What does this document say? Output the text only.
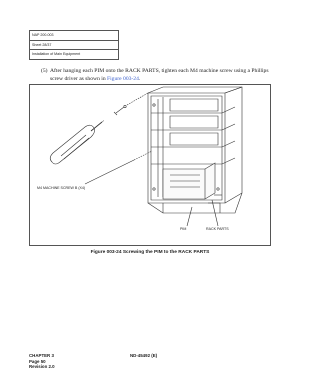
NAP 200-003
Sheet 28/37
Installation of Main Equipment
(5) After hanging each PIM onto the RACK PARTS, tighten each M4 machine screw using a Phillips screw driver as shown in Figure 003-24.
M4 MACHINE SCREW B (X4)
PIM	RACK PARTS
Figure 003-24 Screwing the PIM to the RACK PARTS
CHAPTER 3
Page 50
Revision 2.0
ND-45492 (E)
